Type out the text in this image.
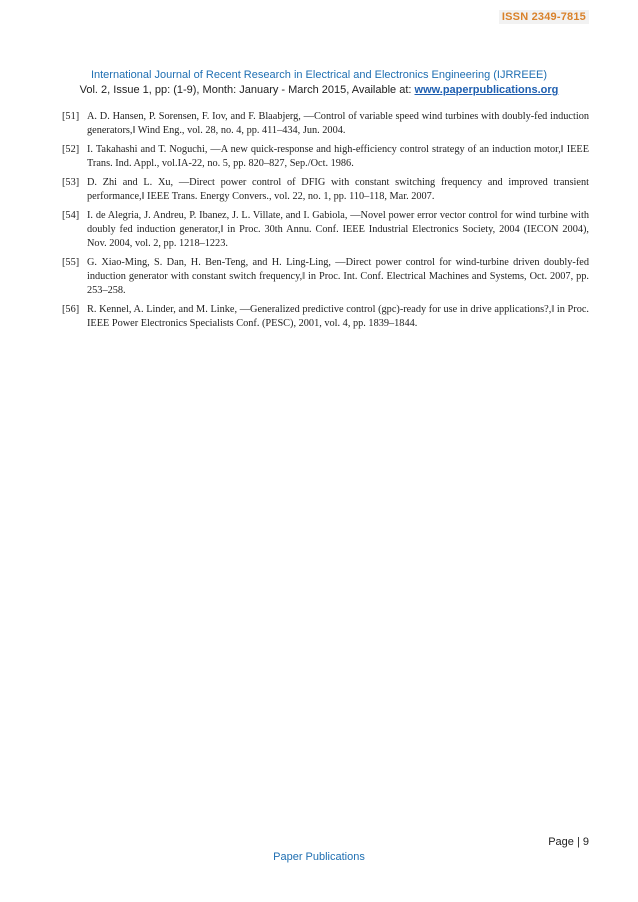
ISSN 2349-7815
International Journal of Recent Research in Electrical and Electronics Engineering (IJRREEE)
Vol. 2, Issue 1, pp: (1-9), Month: January - March 2015, Available at: www.paperpublications.org
[51] A. D. Hansen, P. Sorensen, F. Iov, and F. Blaabjerg, ―Control of variable speed wind turbines with doubly-fed induction generators,‖ Wind Eng., vol. 28, no. 4, pp. 411–434, Jun. 2004.
[52] I. Takahashi and T. Noguchi, ―A new quick-response and high-efficiency control strategy of an induction motor,‖ IEEE Trans. Ind. Appl., vol.IA-22, no. 5, pp. 820–827, Sep./Oct. 1986.
[53] D. Zhi and L. Xu, ―Direct power control of DFIG with constant switching frequency and improved transient performance,‖ IEEE Trans. Energy Convers., vol. 22, no. 1, pp. 110–118, Mar. 2007.
[54] I. de Alegria, J. Andreu, P. Ibanez, J. L. Villate, and I. Gabiola, ―Novel power error vector control for wind turbine with doubly fed induction generator,‖ in Proc. 30th Annu. Conf. IEEE Industrial Electronics Society, 2004 (IECON 2004), Nov. 2004, vol. 2, pp. 1218–1223.
[55] G. Xiao-Ming, S. Dan, H. Ben-Teng, and H. Ling-Ling, ―Direct power control for wind-turbine driven doubly-fed induction generator with constant switch frequency,‖ in Proc. Int. Conf. Electrical Machines and Systems, Oct. 2007, pp. 253–258.
[56] R. Kennel, A. Linder, and M. Linke, ―Generalized predictive control (gpc)-ready for use in drive applications?,‖ in Proc. IEEE Power Electronics Specialists Conf. (PESC), 2001, vol. 4, pp. 1839–1844.
Page | 9
Paper Publications
